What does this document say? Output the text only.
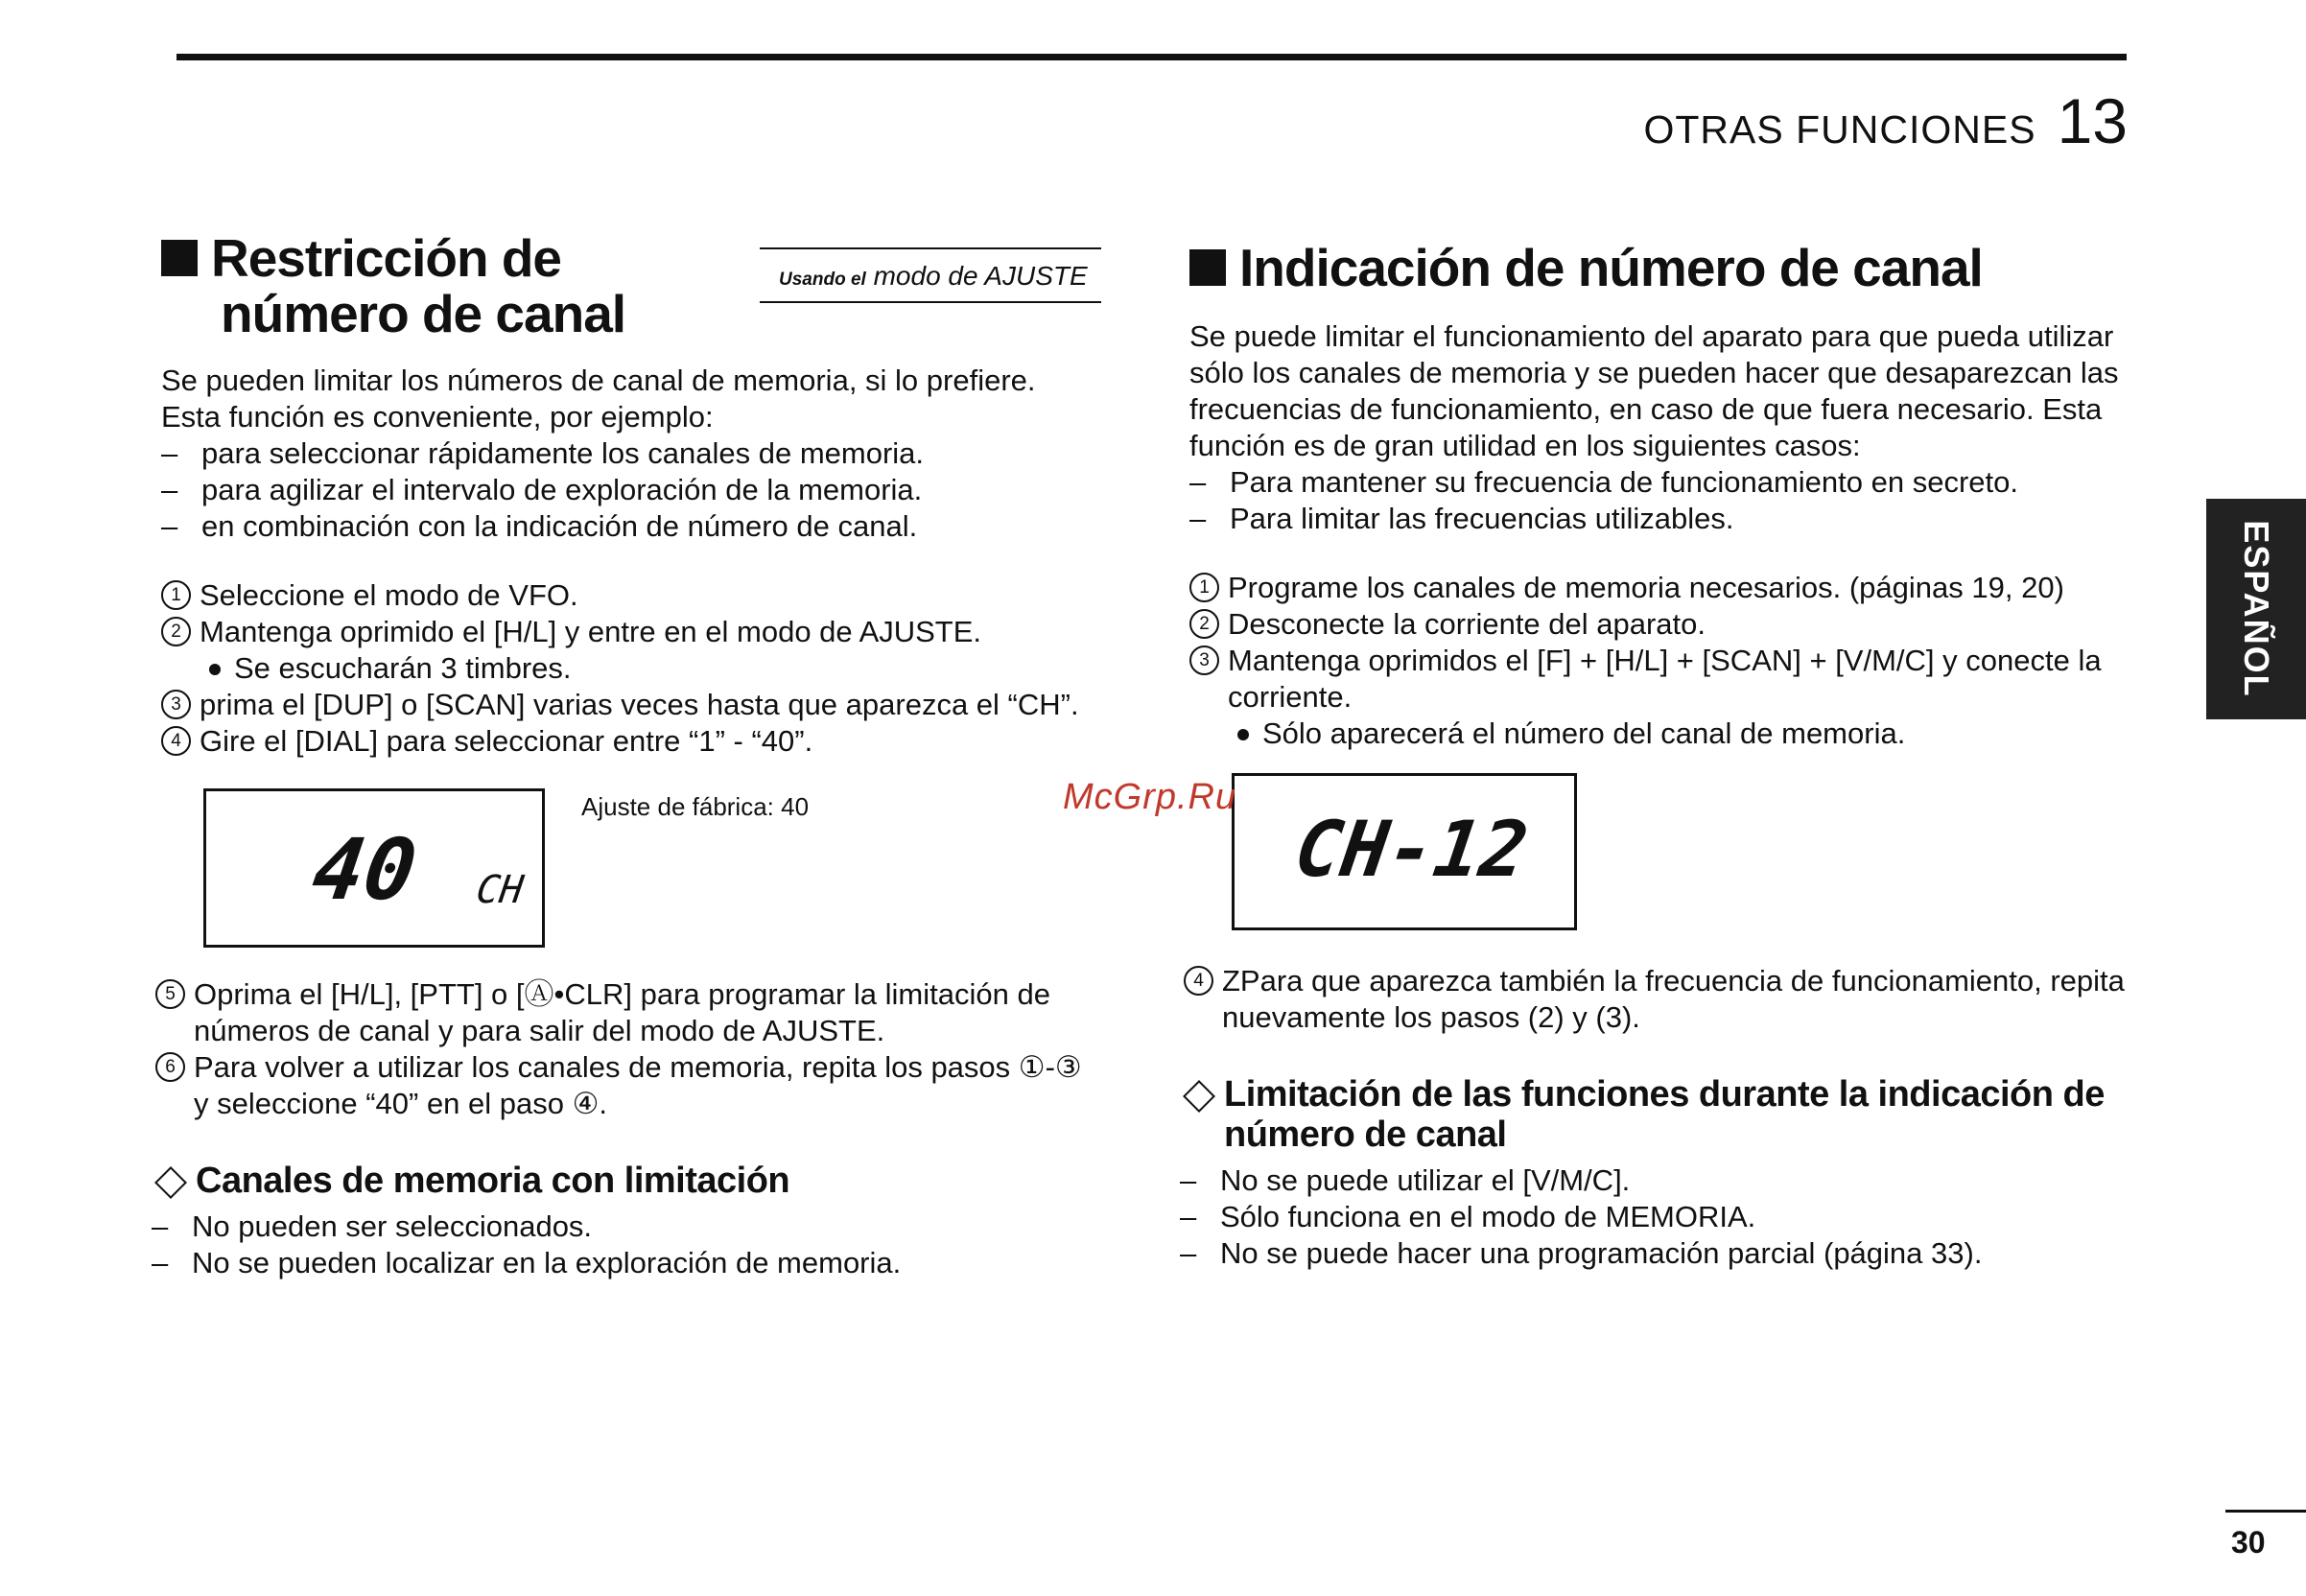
OTRAS FUNCIONES 13
Usando el modo de AJUSTE
Restricción de
número de canal

Se pueden limitar los números de canal de memoria, si lo prefiere. Esta función es conveniente, por ejemplo:

– para seleccionar rápidamente los canales de memoria.
– para agilizar el intervalo de exploración de la memoria.
– en combinación con la indicación de número de canal.
1 Seleccione el modo de VFO.
2 Mantenga oprimido el [H/L] y entre en el modo de AJUSTE.

Se escucharán 3 timbres.

3 prima el [DUP] o [SCAN] varias veces hasta que aparezca el “CH”.
4 Gire el [DIAL] para seleccionar entre “1” - “40”.
40 CH
Ajuste de fábrica: 40
5 Oprima el [H/L], [PTT] o [Ⓐ•CLR] para programar la limitación de números de canal y para salir del modo de AJUSTE.
6 Para volver a utilizar los canales de memoria, repita los pasos ①-③ y seleccione “40” en el paso ④.
Canales de memoria con limitación
– No pueden ser seleccionados.
– No se pueden localizar en la exploración de memoria.
Indicación de número de canal

Se puede limitar el funcionamiento del aparato para que pueda utilizar sólo los canales de memoria y se pueden hacer que desaparezcan las frecuencias de funcionamiento, en caso de que fuera necesario. Esta función es de gran utilidad en los siguientes casos:

– Para mantener su frecuencia de funcionamiento en secreto.
– Para limitar las frecuencias utilizables.
1 Programe los canales de memoria necesarios. (páginas 19, 20)
2 Desconecte la corriente del aparato.
3 Mantenga oprimidos el [F] + [H/L] + [SCAN] + [V/M/C] y conecte la corriente.

Sólo aparecerá el número del canal de memoria.

CH-12
4 ZPara que aparezca también la frecuencia de funcionamiento, repita nuevamente los pasos (2) y (3).
Limitación de las funciones durante la indicación de número de canal
– No se puede utilizar el [V/M/C].
– Sólo funciona en el modo de MEMORIA.
– No se puede hacer una programación parcial (página 33).
McGrp.Ru
ESPAÑOL
30
